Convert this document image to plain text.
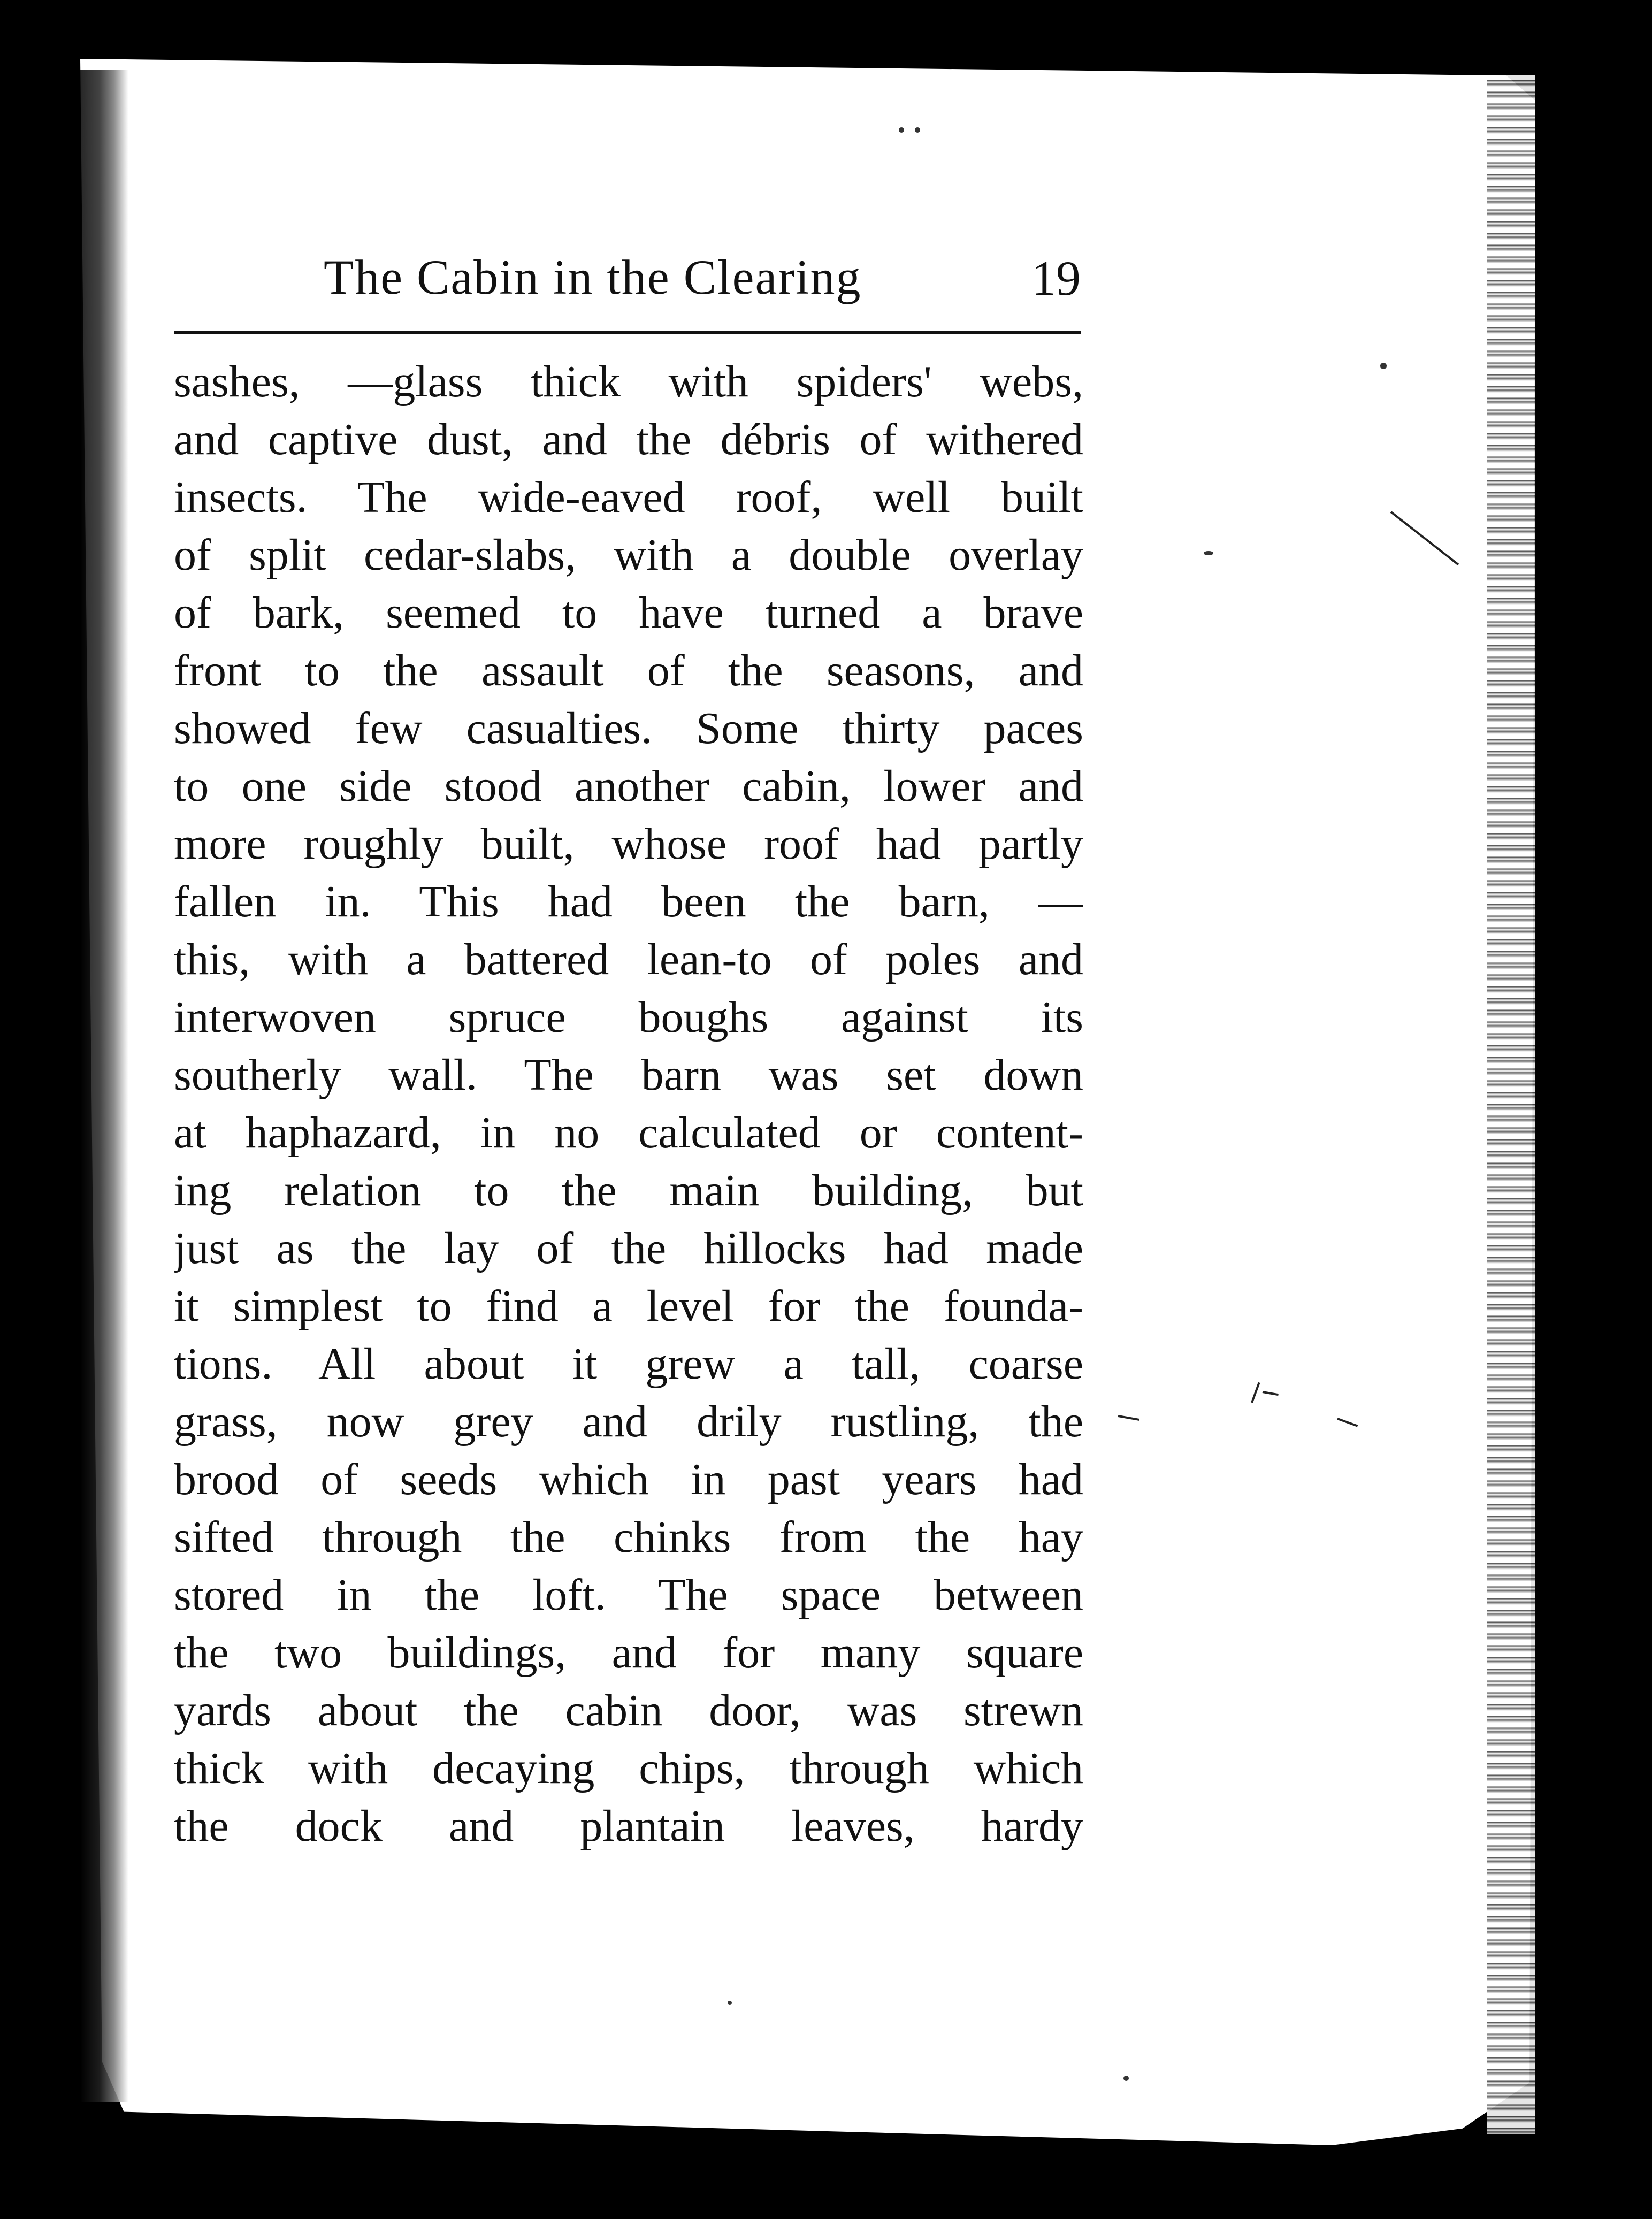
The Cabin in the Clearing	19
sashes, —glass thick with spiders' webs,
and captive dust, and the débris of withered
insects. The wide-eaved roof, well built
of split cedar-slabs, with a double overlay
of bark, seemed to have turned a brave
front to the assault of the seasons, and
showed few casualties. Some thirty paces
to one side stood another cabin, lower and
more roughly built, whose roof had partly
fallen in. This had been the barn, —
this, with a battered lean-to of poles and
interwoven spruce boughs against its
southerly wall. The barn was set down
at haphazard, in no calculated or content-
ing relation to the main building, but
just as the lay of the hillocks had made
it simplest to find a level for the founda-
tions. All about it grew a tall, coarse
grass, now grey and drily rustling, the
brood of seeds which in past years had
sifted through the chinks from the hay
stored in the loft. The space between
the two buildings, and for many square
yards about the cabin door, was strewn
thick with decaying chips, through which
the dock and plantain leaves, hardy
